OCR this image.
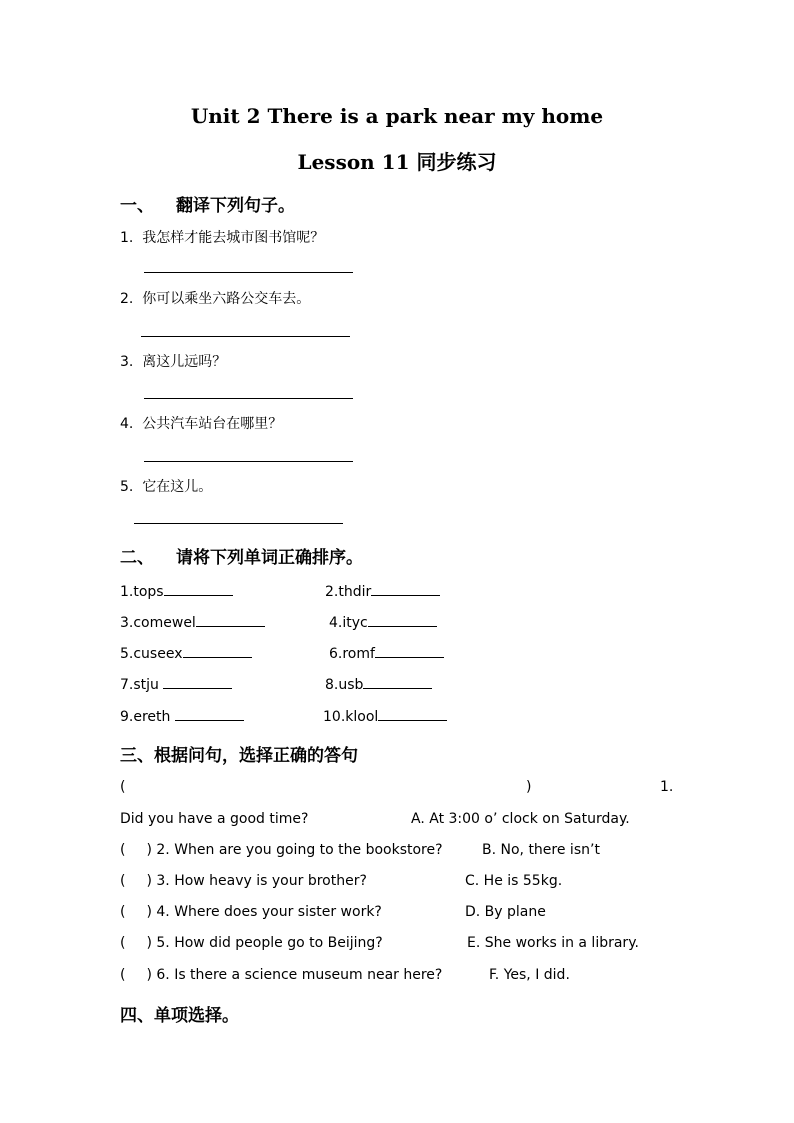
Unit 2 There is a park near my home
Lesson 11 同步练习
一、 翻译下列句子。
1. 我怎样才能去城市图书馆呢？
2. 你可以乘坐六路公交车去。
3. 离这儿远吗？
4. 公共汽车站台在哪里？
5. 它在这儿。
二、 请将下列单词正确排序。
1.tops	2.thdir
3.comewel	4.ityc
5.cuseex	6.romf
7.stju	8.usb
9.ereth	10.klool
三、根据问句，选择正确的答句
(	)	1.
Did you have a good time?	A. At 3:00 o’ clock on Saturday.
( ) 2. When are you going to the bookstore?	B. No, there isn’t
( ) 3. How heavy is your brother?	C. He is 55kg.
( ) 4. Where does your sister work?	D. By plane
( ) 5. How did people go to Beijing?	E. She works in a library.
( ) 6. Is there a science museum near here?	F. Yes, I did.
四、单项选择。
